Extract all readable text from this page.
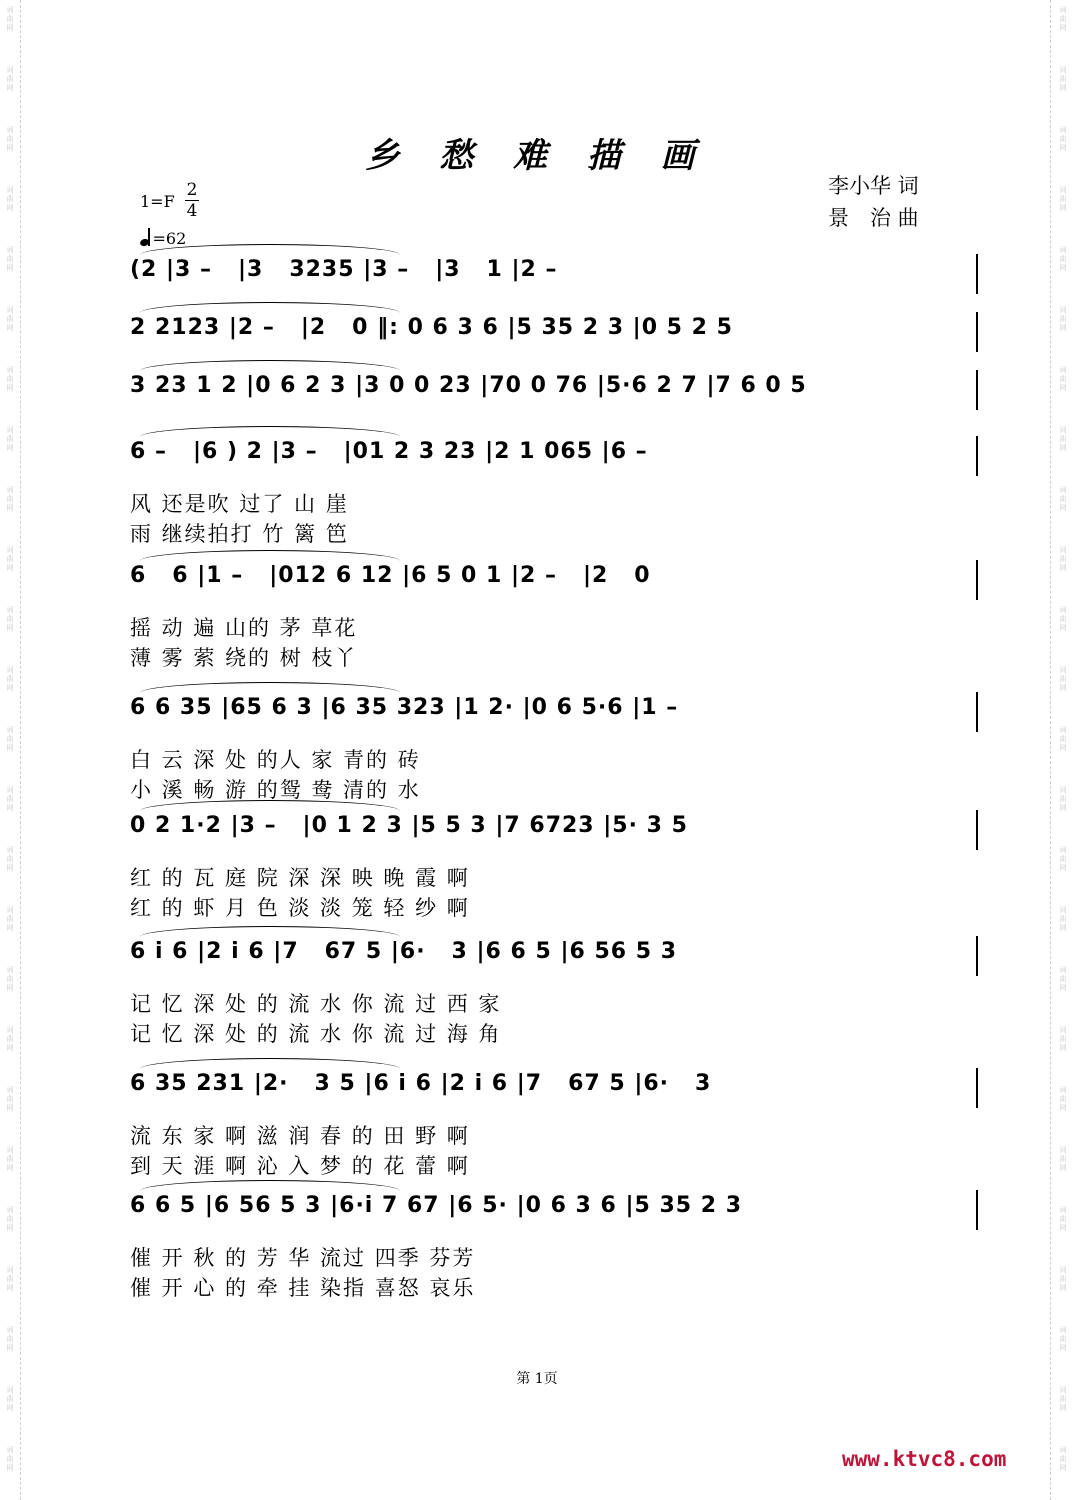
词
曲
网
词
曲
网
词
曲
网
词
曲
网
词
曲
网
词
曲
网
词
曲
网
词
曲
网
词
曲
网
词
曲
网
词
曲
网
词
曲
网
词
曲
网
词
曲
网
词
曲
网
词
曲
网
词
曲
网
词
曲
网
词
曲
网
词
曲
网
词
曲
网
词
曲
网
词
曲
网
词
曲
网
词
曲
网
词
曲
网
词
曲
网
词
曲
网
词
曲
网
词
曲
网
词
曲
网
词
曲
网
词
曲
网
词
曲
网
词
曲
网
词
曲
网
词
曲
网
词
曲
网
词
曲
网
词
曲
网
词
曲
网
词
曲
网
词
曲
网
词
曲
网
词
曲
网
词
曲
网
词
曲
网
词
曲
网
词
曲
网
词
曲
网
乡 愁 难 描 画
李小华 词
景　治 曲
1=F
2
4
=62
(2 |3 –   |3   3235 |3 –   |3   1 |2 –
2 2123 |2 –   |2   0 ‖: 0 6 3 6 |5 35 2 3 |0 5 2 5
3 23 1 2 |0 6 2 3 |3 0 0 23 |70 0 76 |5·6 2 7 |7 6 0 5
6 –   |6 ) 2 |3 –   |01 2 3 23 |2 1 065 |6 –
风 还是吹 过了 山 崖
雨 继续拍打 竹 篱 笆
6   6 |1 –   |012 6 12 |6 5 0 1 |2 –   |2   0
摇 动 遍 山的 茅 草花
薄 雾 萦 绕的 树 枝丫
6 6 35 |65 6 3 |6 35 323 |1 2· |0 6 5·6 |1 –
白 云 深 处 的人 家 青的 砖
小 溪 畅 游 的鸳 鸯 清的 水
0 2 1·2 |3 –   |0 1 2 3 |5 5 3 |7 6723 |5· 3 5
红 的 瓦 庭 院 深 深 映 晚 霞 啊
红 的 虾 月 色 淡 淡 笼 轻 纱 啊
6 i 6 |2 i 6 |7   67 5 |6·   3 |6 6 5 |6 56 5 3
记 忆 深 处 的 流 水 你 流 过 西 家
记 忆 深 处 的 流 水 你 流 过 海 角
6 35 231 |2·   3 5 |6 i 6 |2 i 6 |7   67 5 |6·   3
流 东 家 啊 滋 润 春 的 田 野 啊
到 天 涯 啊 沁 入 梦 的 花 蕾 啊
6 6 5 |6 56 5 3 |6·i 7 67 |6 5· |0 6 3 6 |5 35 2 3
催 开 秋 的 芳 华 流过 四季 芬芳
催 开 心 的 牵 挂 染指 喜怒 哀乐
第 1页
www.ktvc8.com
